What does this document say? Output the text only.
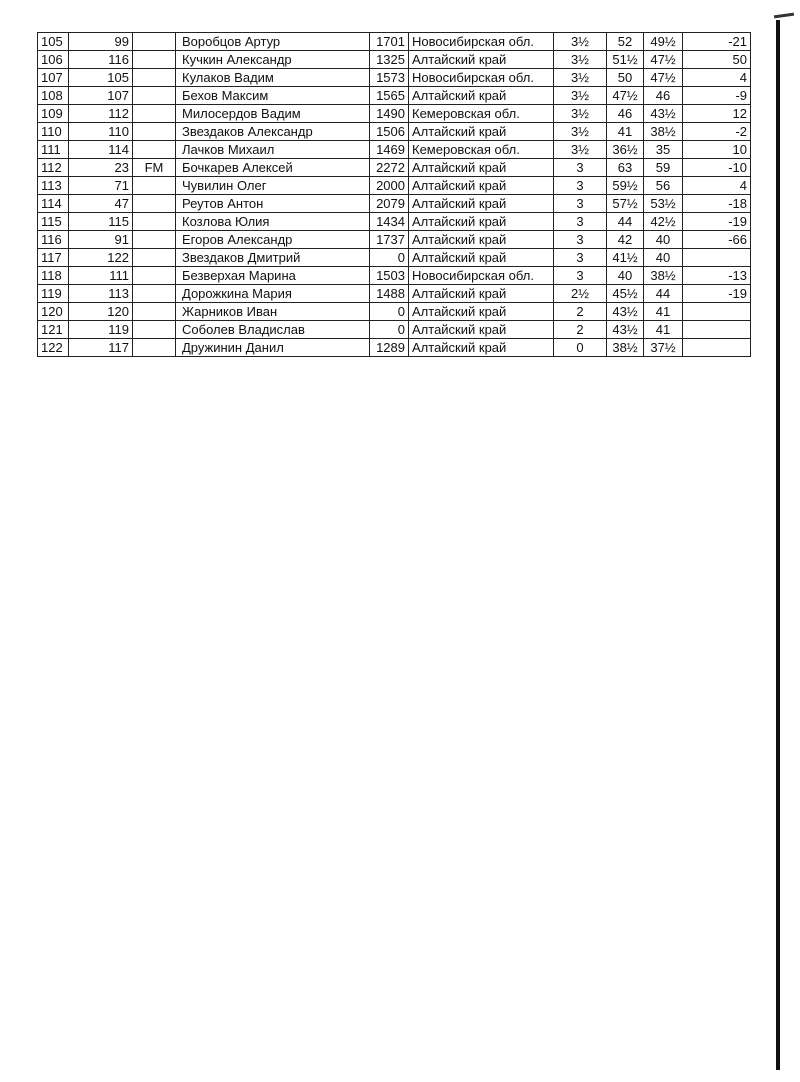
105	99		Воробцов Артур	1701	Новосибирская обл.	3½	52	49½	-21
106	116		Кучкин Александр	1325	Алтайский край	3½	51½	47½	50
107	105		Кулаков Вадим	1573	Новосибирская обл.	3½	50	47½	4
108	107		Бехов Максим	1565	Алтайский край	3½	47½	46	-9
109	112		Милосердов Вадим	1490	Кемеровская обл.	3½	46	43½	12
110	110		Звездаков Александр	1506	Алтайский край	3½	41	38½	-2
111	114		Лачков Михаил	1469	Кемеровская обл.	3½	36½	35	10
112	23	FM	Бочкарев Алексей	2272	Алтайский край	3	63	59	-10
113	71		Чувилин Олег	2000	Алтайский край	3	59½	56	4
114	47		Реутов Антон	2079	Алтайский край	3	57½	53½	-18
115	115		Козлова Юлия	1434	Алтайский край	3	44	42½	-19
116	91		Егоров Александр	1737	Алтайский край	3	42	40	-66
117	122		Звездаков Дмитрий	0	Алтайский край	3	41½	40	
118	111		Безверхая Марина	1503	Новосибирская обл.	3	40	38½	-13
119	113		Дорожкина Мария	1488	Алтайский край	2½	45½	44	-19
120	120		Жарников Иван	0	Алтайский край	2	43½	41	
121	119		Соболев Владислав	0	Алтайский край	2	43½	41	
122	117		Дружинин Данил	1289	Алтайский край	0	38½	37½	
